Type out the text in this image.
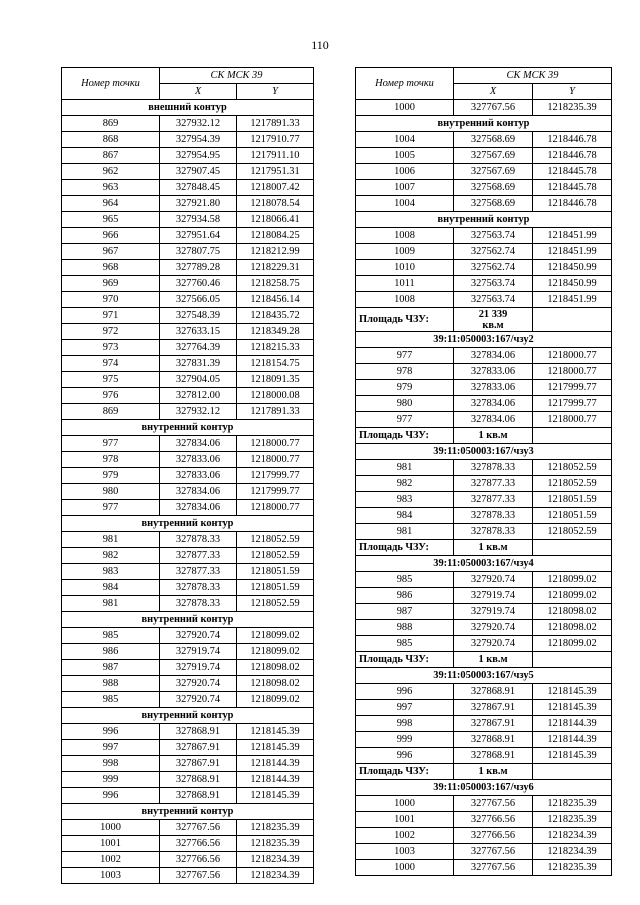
110
Номер точки	СК МСК 39	
	X	Y
внешний контур		
869	327932.12	1217891.33
868	327954.39	1217910.77
867	327954.95	1217911.10
962	327907.45	1217951.31
963	327848.45	1218007.42
964	327921.80	1218078.54
965	327934.58	1218066.41
966	327951.64	1218084.25
967	327807.75	1218212.99
968	327789.28	1218229.31
969	327760.46	1218258.75
970	327566.05	1218456.14
971	327548.39	1218435.72
972	327633.15	1218349.28
973	327764.39	1218215.33
974	327831.39	1218154.75
975	327904.05	1218091.35
976	327812.00	1218000.08
869	327932.12	1217891.33
внутренний контур		
977	327834.06	1218000.77
978	327833.06	1218000.77
979	327833.06	1217999.77
980	327834.06	1217999.77
977	327834.06	1218000.77
внутренний контур		
981	327878.33	1218052.59
982	327877.33	1218052.59
983	327877.33	1218051.59
984	327878.33	1218051.59
981	327878.33	1218052.59
внутренний контур		
985	327920.74	1218099.02
986	327919.74	1218099.02
987	327919.74	1218098.02
988	327920.74	1218098.02
985	327920.74	1218099.02
внутренний контур		
996	327868.91	1218145.39
997	327867.91	1218145.39
998	327867.91	1218144.39
999	327868.91	1218144.39
996	327868.91	1218145.39
внутренний контур		
1000	327767.56	1218235.39
1001	327766.56	1218235.39
1002	327766.56	1218234.39
1003	327767.56	1218234.39
Номер точки	СК МСК 39	
	X	Y
1000	327767.56	1218235.39
внутренний контур		
1004	327568.69	1218446.78
1005	327567.69	1218446.78
1006	327567.69	1218445.78
1007	327568.69	1218445.78
1004	327568.69	1218446.78
внутренний контур		
1008	327563.74	1218451.99
1009	327562.74	1218451.99
1010	327562.74	1218450.99
1011	327563.74	1218450.99
1008	327563.74	1218451.99
Площадь ЧЗУ:	21 339
кв.м	

39:11:050003:167/чзу2		
977	327834.06	1218000.77
978	327833.06	1218000.77
979	327833.06	1217999.77
980	327834.06	1217999.77
977	327834.06	1218000.77
Площадь ЧЗУ:	1 кв.м	

39:11:050003:167/чзу3		
981	327878.33	1218052.59
982	327877.33	1218052.59
983	327877.33	1218051.59
984	327878.33	1218051.59
981	327878.33	1218052.59
Площадь ЧЗУ:	1 кв.м	

39:11:050003:167/чзу4		
985	327920.74	1218099.02
986	327919.74	1218099.02
987	327919.74	1218098.02
988	327920.74	1218098.02
985	327920.74	1218099.02
Площадь ЧЗУ:	1 кв.м	

39:11:050003:167/чзу5		
996	327868.91	1218145.39
997	327867.91	1218145.39
998	327867.91	1218144.39
999	327868.91	1218144.39
996	327868.91	1218145.39
Площадь ЧЗУ:	1 кв.м	

39:11:050003:167/чзу6		
1000	327767.56	1218235.39
1001	327766.56	1218235.39
1002	327766.56	1218234.39
1003	327767.56	1218234.39
1000	327767.56	1218235.39
